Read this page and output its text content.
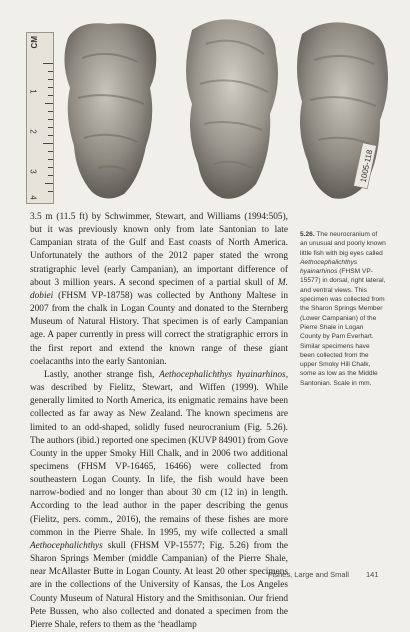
CM
1
2
3
4
1005-118

3.5 m (11.5 ft) by Schwimmer, Stewart, and Williams (1994:505), but it was previously known only from late Santonian to late Campanian strata of the Gulf and East coasts of North America. Unfortunately the authors of the 2012 paper stated the wrong stratigraphic level (early Campanian), an important difference of about 3 million years. A second specimen of a partial skull of M. dobiei (FHSM VP-18758) was collected by Anthony Maltese in 2007 from the chalk in Logan County and donated to the Sternberg Museum of Natural History. That specimen is of early Campanian age. A paper currently in press will correct the stratigraphic errors in the first report and extend the known range of these giant coelacanths into the early Santonian.

Lastly, another strange fish, Aethocephalichthys hyainarhinos, was described by Fielitz, Stewart, and Wiffen (1999). While generally limited to North America, its enigmatic remains have been collected as far away as New Zealand. The known specimens are limited to an odd-shaped, solidly fused neurocranium (Fig. 5.26). The authors (ibid.) reported one specimen (KUVP 84901) from Gove County in the upper Smoky Hill Chalk, and in 2006 two additional specimens (FHSM VP-16465, 16466) were collected from southeastern Logan County. In life, the fish would have been narrow-bodied and no longer than about 30 cm (12 in) in length. According to the lead author in the paper describing the genus (Fielitz, pers. comm., 2016), the remains of these fishes are more common in the Pierre Shale. In 1995, my wife collected a small Aethocephalichthys skull (FHSM VP-15577; Fig. 5.26) from the Sharon Springs Member (middle Campanian) of the Pierre Shale, near McAllaster Butte in Logan County. At least 20 other specimens are in the collections of the University of Kansas, the Los Angeles County Museum of Natural History and the Smithsonian. Our friend Pete Bussen, who also collected and donated a specimen from the Pierre Shale, refers to them as the ‘headlamp

5.26. The neurocranium of an unusual and poorly known little fish with big eyes called Aethocephalichthys hyainarhinos (FHSM VP-15577) in dorsal, right lateral, and ventral views. This specimen was collected from the Sharon Springs Member (Lower Campanian) of the Pierre Shale in Logan County by Pam Everhart. Similar specimens have been collected from the upper Smoky Hill Chalk, some as low as the Middle Santonian. Scale in mm.
Fishes, Large and Small 141
